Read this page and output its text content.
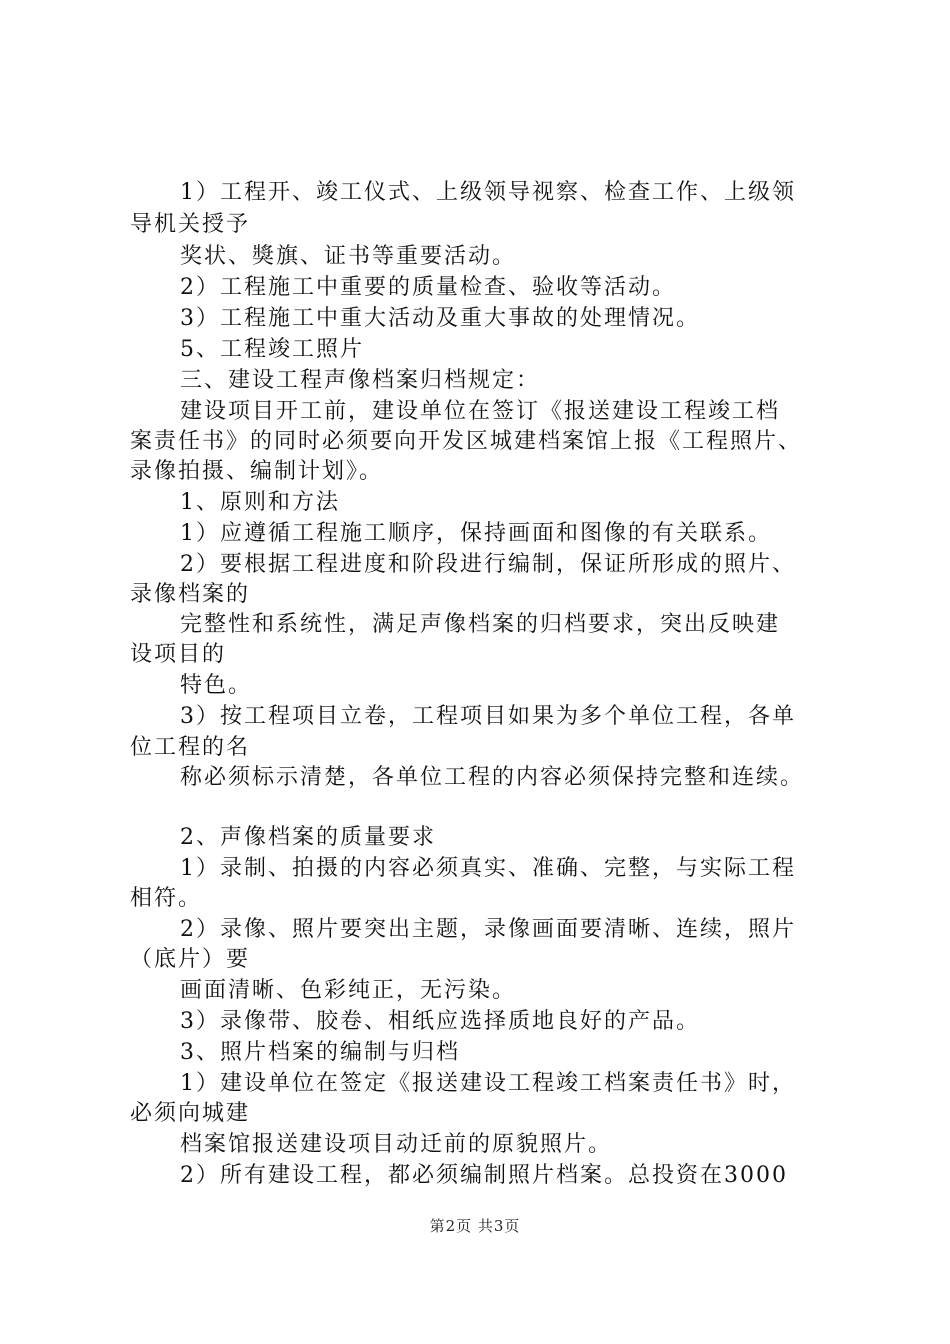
1）工程开、竣工仪式、上级领导视察、检查工作、上级领
导机关授予
奖状、獎旗、证书等重要活动。
2）工程施工中重要的质量检查、验收等活动。
3）工程施工中重大活动及重大事故的处理情况。
5、工程竣工照片
三、建设工程声像档案归档规定：
建设项目开工前，建设单位在签订《报送建设工程竣工档
案责任书》的同时必须要向开发区城建档案馆上报《工程照片、
录像拍摄、编制计划》。
1、原则和方法
1）应遵循工程施工顺序，保持画面和图像的有关联系。
2）要根据工程进度和阶段进行编制，保证所形成的照片、
录像档案的
完整性和系统性，满足声像档案的归档要求，突出反映建
设项目的
特色。
3）按工程项目立卷，工程项目如果为多个单位工程，各单
位工程的名
称必须标示清楚，各单位工程的内容必须保持完整和连续。
2、声像档案的质量要求
1）录制、拍摄的内容必须真实、准确、完整，与实际工程
相符。
2）录像、照片要突出主题，录像画面要清晰、连续，照片
（底片）要
画面清晰、色彩纯正，无污染。
3）录像带、胶卷、相纸应选择质地良好的产品。
3、照片档案的编制与归档
1）建设单位在签定《报送建设工程竣工档案责任书》时，
必须向城建
档案馆报送建设项目动迁前的原貌照片。
2）所有建设工程，都必须编制照片档案。总投资在3000
第2页 共3页
